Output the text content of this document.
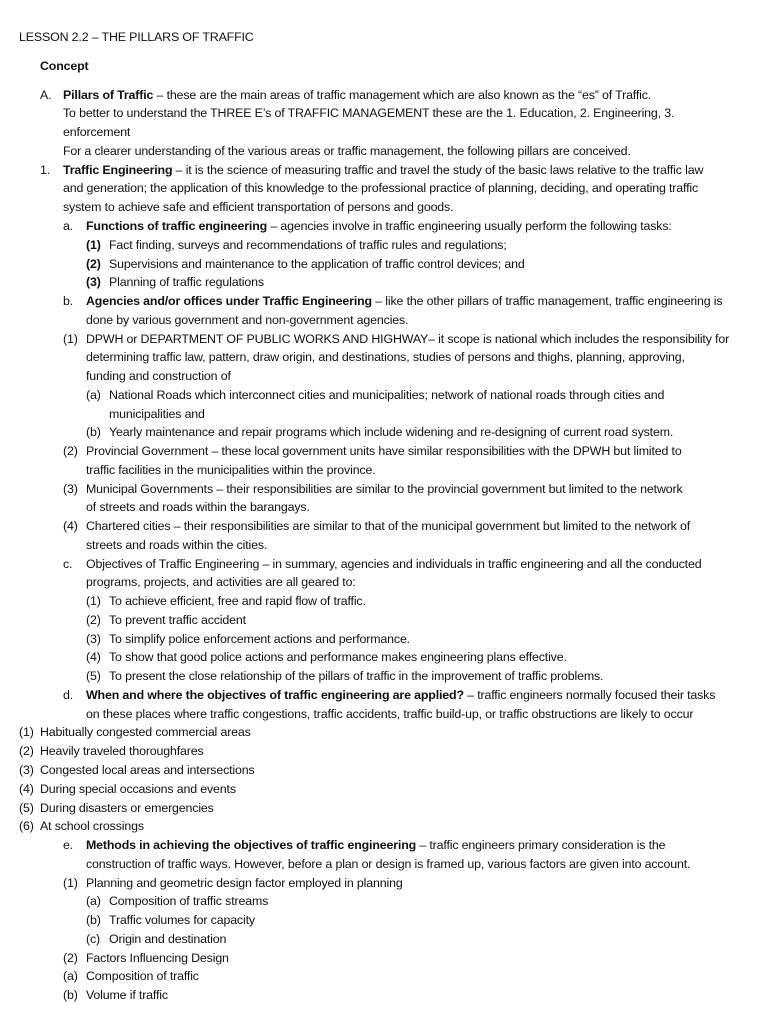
LESSON 2.2 – THE PILLARS OF TRAFFIC
Concept
A. Pillars of Traffic – these are the main areas of traffic management which are also known as the “es” of Traffic.
To better to understand the THREE E’s of TRAFFIC MANAGEMENT these are the 1. Education, 2. Engineering, 3.
enforcement
For a clearer understanding of the various areas or traffic management, the following pillars are conceived.
1. Traffic Engineering – it is the science of measuring traffic and travel the study of the basic laws relative to the traffic law
and generation; the application of this knowledge to the professional practice of planning, deciding, and operating traffic
system to achieve safe and efficient transportation of persons and goods.
a. Functions of traffic engineering – agencies involve in traffic engineering usually perform the following tasks:
(1) Fact finding, surveys and recommendations of traffic rules and regulations;
(2) Supervisions and maintenance to the application of traffic control devices; and
(3) Planning of traffic regulations
b. Agencies and/or offices under Traffic Engineering – like the other pillars of traffic management, traffic engineering is
done by various government and non-government agencies.
(1) DPWH or DEPARTMENT OF PUBLIC WORKS AND HIGHWAY– it scope is national which includes the responsibility for
determining traffic law, pattern, draw origin, and destinations, studies of persons and thighs, planning, approving,
funding and construction of
(a) National Roads which interconnect cities and municipalities; network of national roads through cities and
municipalities and
(b) Yearly maintenance and repair programs which include widening and re-designing of current road system.
(2) Provincial Government – these local government units have similar responsibilities with the DPWH but limited to
traffic facilities in the municipalities within the province.
(3) Municipal Governments – their responsibilities are similar to the provincial government but limited to the network
of streets and roads within the barangays.
(4) Chartered cities – their responsibilities are similar to that of the municipal government but limited to the network of
streets and roads within the cities.
c. Objectives of Traffic Engineering – in summary, agencies and individuals in traffic engineering and all the conducted
programs, projects, and activities are all geared to:
(1) To achieve efficient, free and rapid flow of traffic.
(2) To prevent traffic accident
(3) To simplify police enforcement actions and performance.
(4) To show that good police actions and performance makes engineering plans effective.
(5) To present the close relationship of the pillars of traffic in the improvement of traffic problems.
d. When and where the objectives of traffic engineering are applied? – traffic engineers normally focused their tasks
on these places where traffic congestions, traffic accidents, traffic build-up, or traffic obstructions are likely to occur
(1) Habitually congested commercial areas
(2) Heavily traveled thoroughfares
(3) Congested local areas and intersections
(4) During special occasions and events
(5) During disasters or emergencies
(6) At school crossings
e. Methods in achieving the objectives of traffic engineering – traffic engineers primary consideration is the
construction of traffic ways. However, before a plan or design is framed up, various factors are given into account.
(1) Planning and geometric design factor employed in planning
(a) Composition of traffic streams
(b) Traffic volumes for capacity
(c) Origin and destination
(2) Factors Influencing Design
(a) Composition of traffic
(b) Volume if traffic
